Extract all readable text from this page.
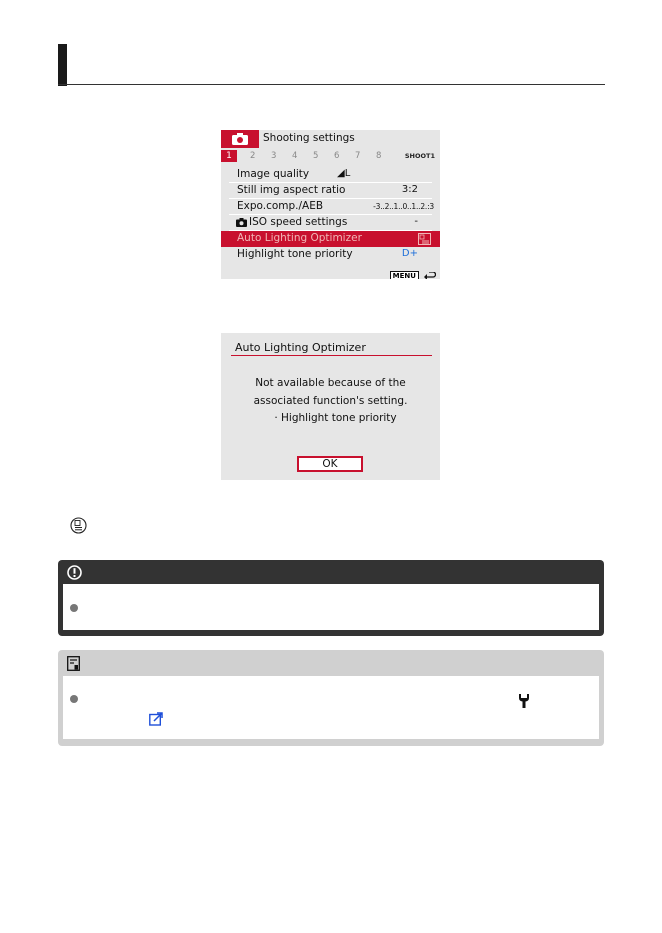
Shooting settings
1	2 3 4 5 6 7 8	SHOOT1
Image quality	◢L
Still img aspect ratio	3:2
Expo.comp./AEB	-3..2..1..0..1..2.:3
ISO speed settings	-
Auto Lighting Optimizer
Highlight tone priority	D+
MENU
Auto Lighting Optimizer
Not available because of the
associated function's setting.
· Highlight tone priority
OK
